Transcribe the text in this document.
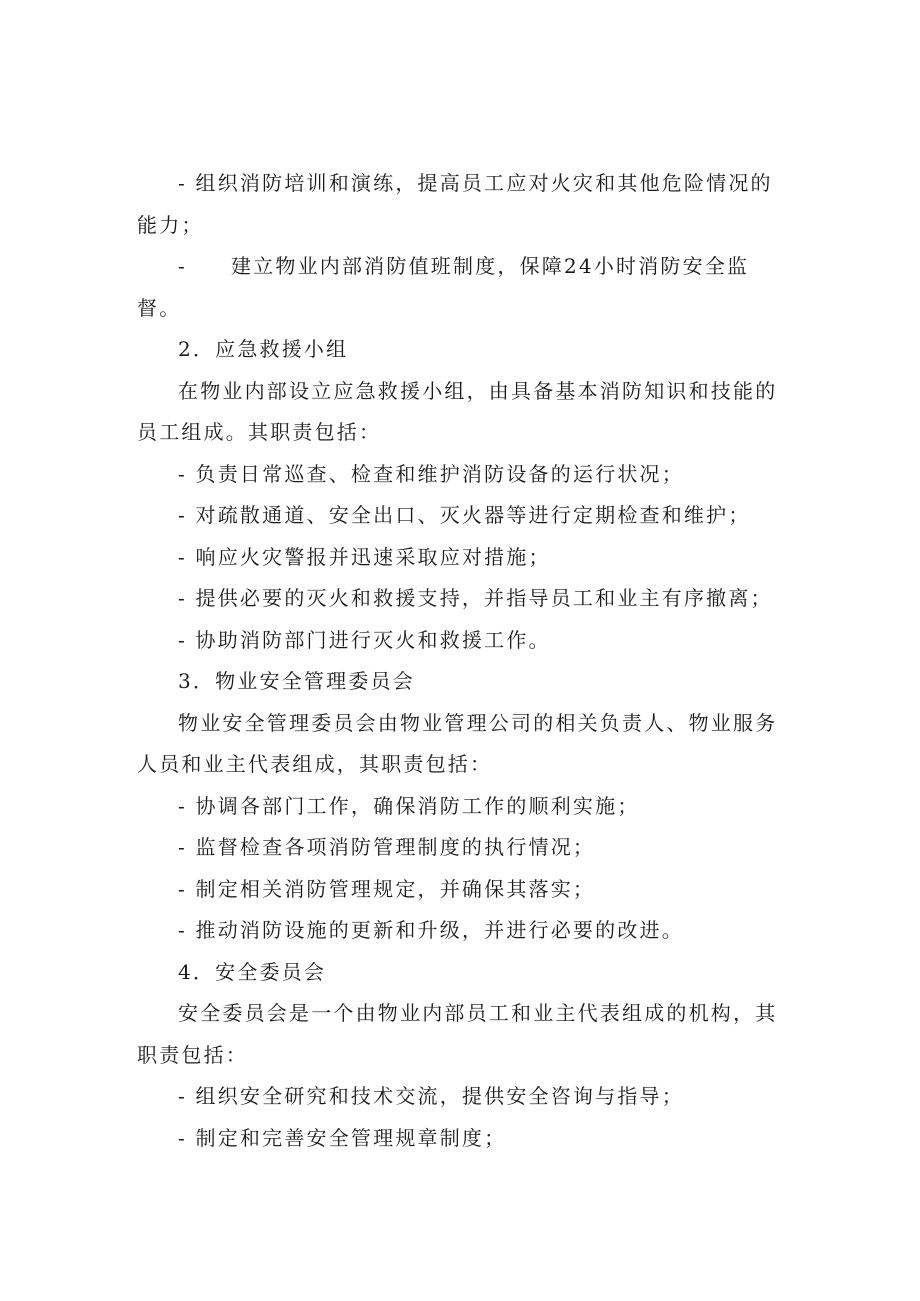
- 组织消防培训和演练，提高员工应对火灾和其他危险情况的

能力；

- 建立物业内部消防值班制度，保障24小时消防安全监

督。

2．应急救援小组

在物业内部设立应急救援小组，由具备基本消防知识和技能的

员工组成。其职责包括：

- 负责日常巡查、检查和维护消防设备的运行状况；

- 对疏散通道、安全出口、灭火器等进行定期检查和维护；

- 响应火灾警报并迅速采取应对措施；

- 提供必要的灭火和救援支持，并指导员工和业主有序撤离；

- 协助消防部门进行灭火和救援工作。

3．物业安全管理委员会

物业安全管理委员会由物业管理公司的相关负责人、物业服务

人员和业主代表组成，其职责包括：

- 协调各部门工作，确保消防工作的顺利实施；

- 监督检查各项消防管理制度的执行情况；

- 制定相关消防管理规定，并确保其落实；

- 推动消防设施的更新和升级，并进行必要的改进。

4．安全委员会

安全委员会是一个由物业内部员工和业主代表组成的机构，其

职责包括：

- 组织安全研究和技术交流，提供安全咨询与指导；

- 制定和完善安全管理规章制度；
